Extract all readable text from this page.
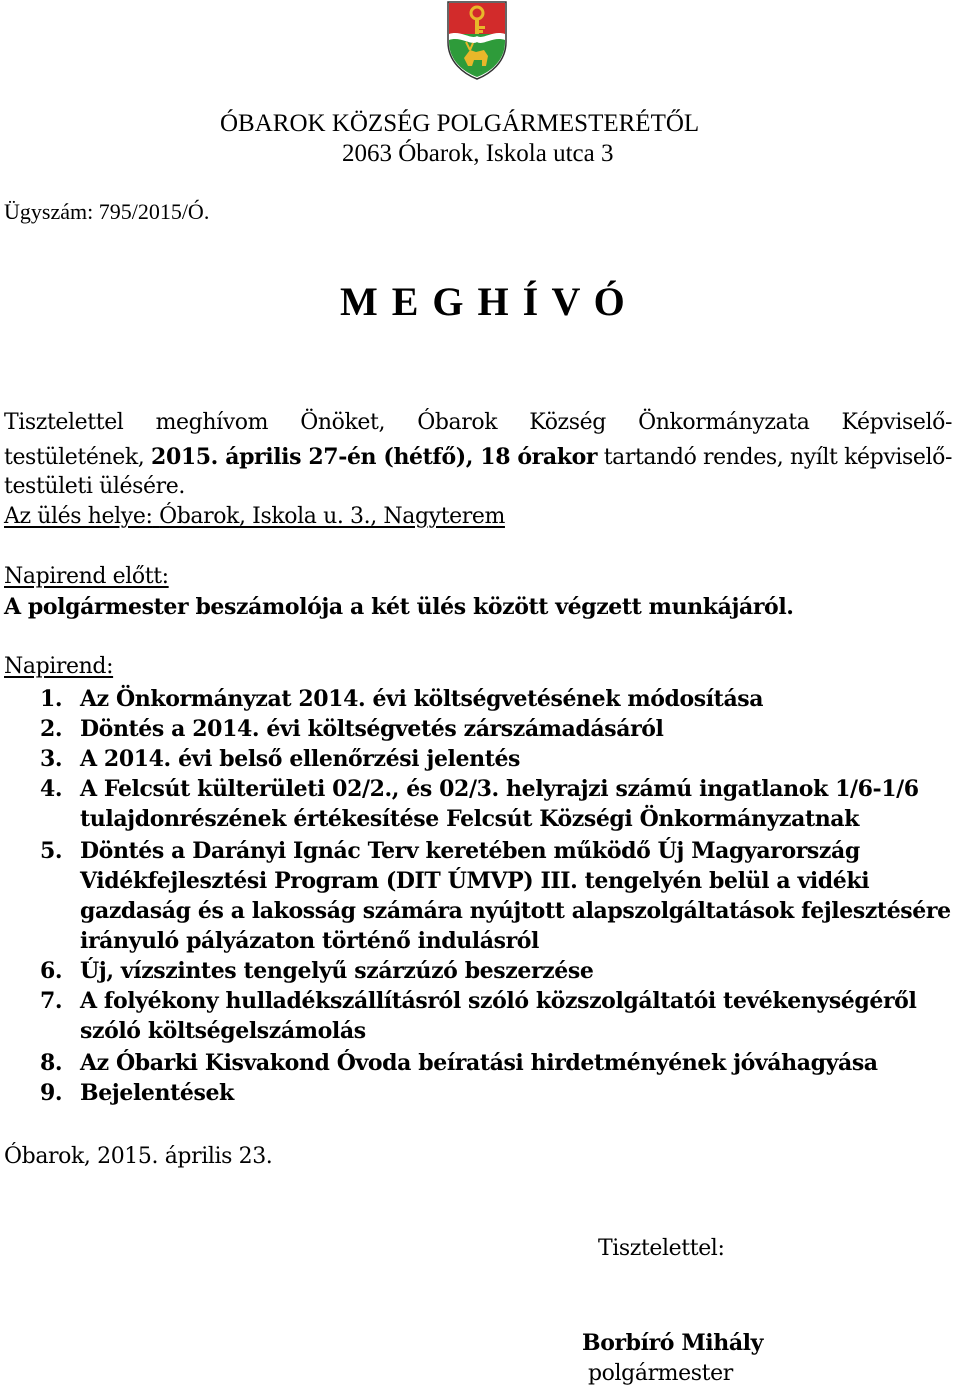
ÓBAROK KÖZSÉG POLGÁRMESTERÉTŐL
2063 Óbarok, Iskola utca 3
Ügyszám: 795/2015/Ó.
M E G H Í V Ó
Tisztelettel meghívom Önöket, Óbarok Község Önkormányzata Képviselő-
testületének, 2015. április 27-én (hétfő), 18 órakor tartandó rendes, nyílt képviselő-
testületi ülésére.
Az ülés helye: Óbarok, Iskola u. 3., Nagyterem
Napirend előtt:
A polgármester beszámolója a két ülés között végzett munkájáról.
Napirend:
1. Az Önkormányzat 2014. évi költségvetésének módosítása
2. Döntés a 2014. évi költségvetés zárszámadásáról
3. A 2014. évi belső ellenőrzési jelentés
4. A Felcsút külterületi 02/2., és 02/3. helyrajzi számú ingatlanok 1/6-1/6
tulajdonrészének értékesítése Felcsút Községi Önkormányzatnak
5. Döntés a Darányi Ignác Terv keretében működő Új Magyarország
Vidékfejlesztési Program (DIT ÚMVP) III. tengelyén belül a vidéki
gazdaság és a lakosság számára nyújtott alapszolgáltatások fejlesztésére
irányuló pályázaton történő indulásról
6. Új, vízszintes tengelyű szárzúzó beszerzése
7. A folyékony hulladékszállításról szóló közszolgáltatói tevékenységéről
szóló költségelszámolás
8. Az Óbarki Kisvakond Óvoda beíratási hirdetményének jóváhagyása
9. Bejelentések
Óbarok, 2015. április 23.
Tisztelettel:
Borbíró Mihály
polgármester
